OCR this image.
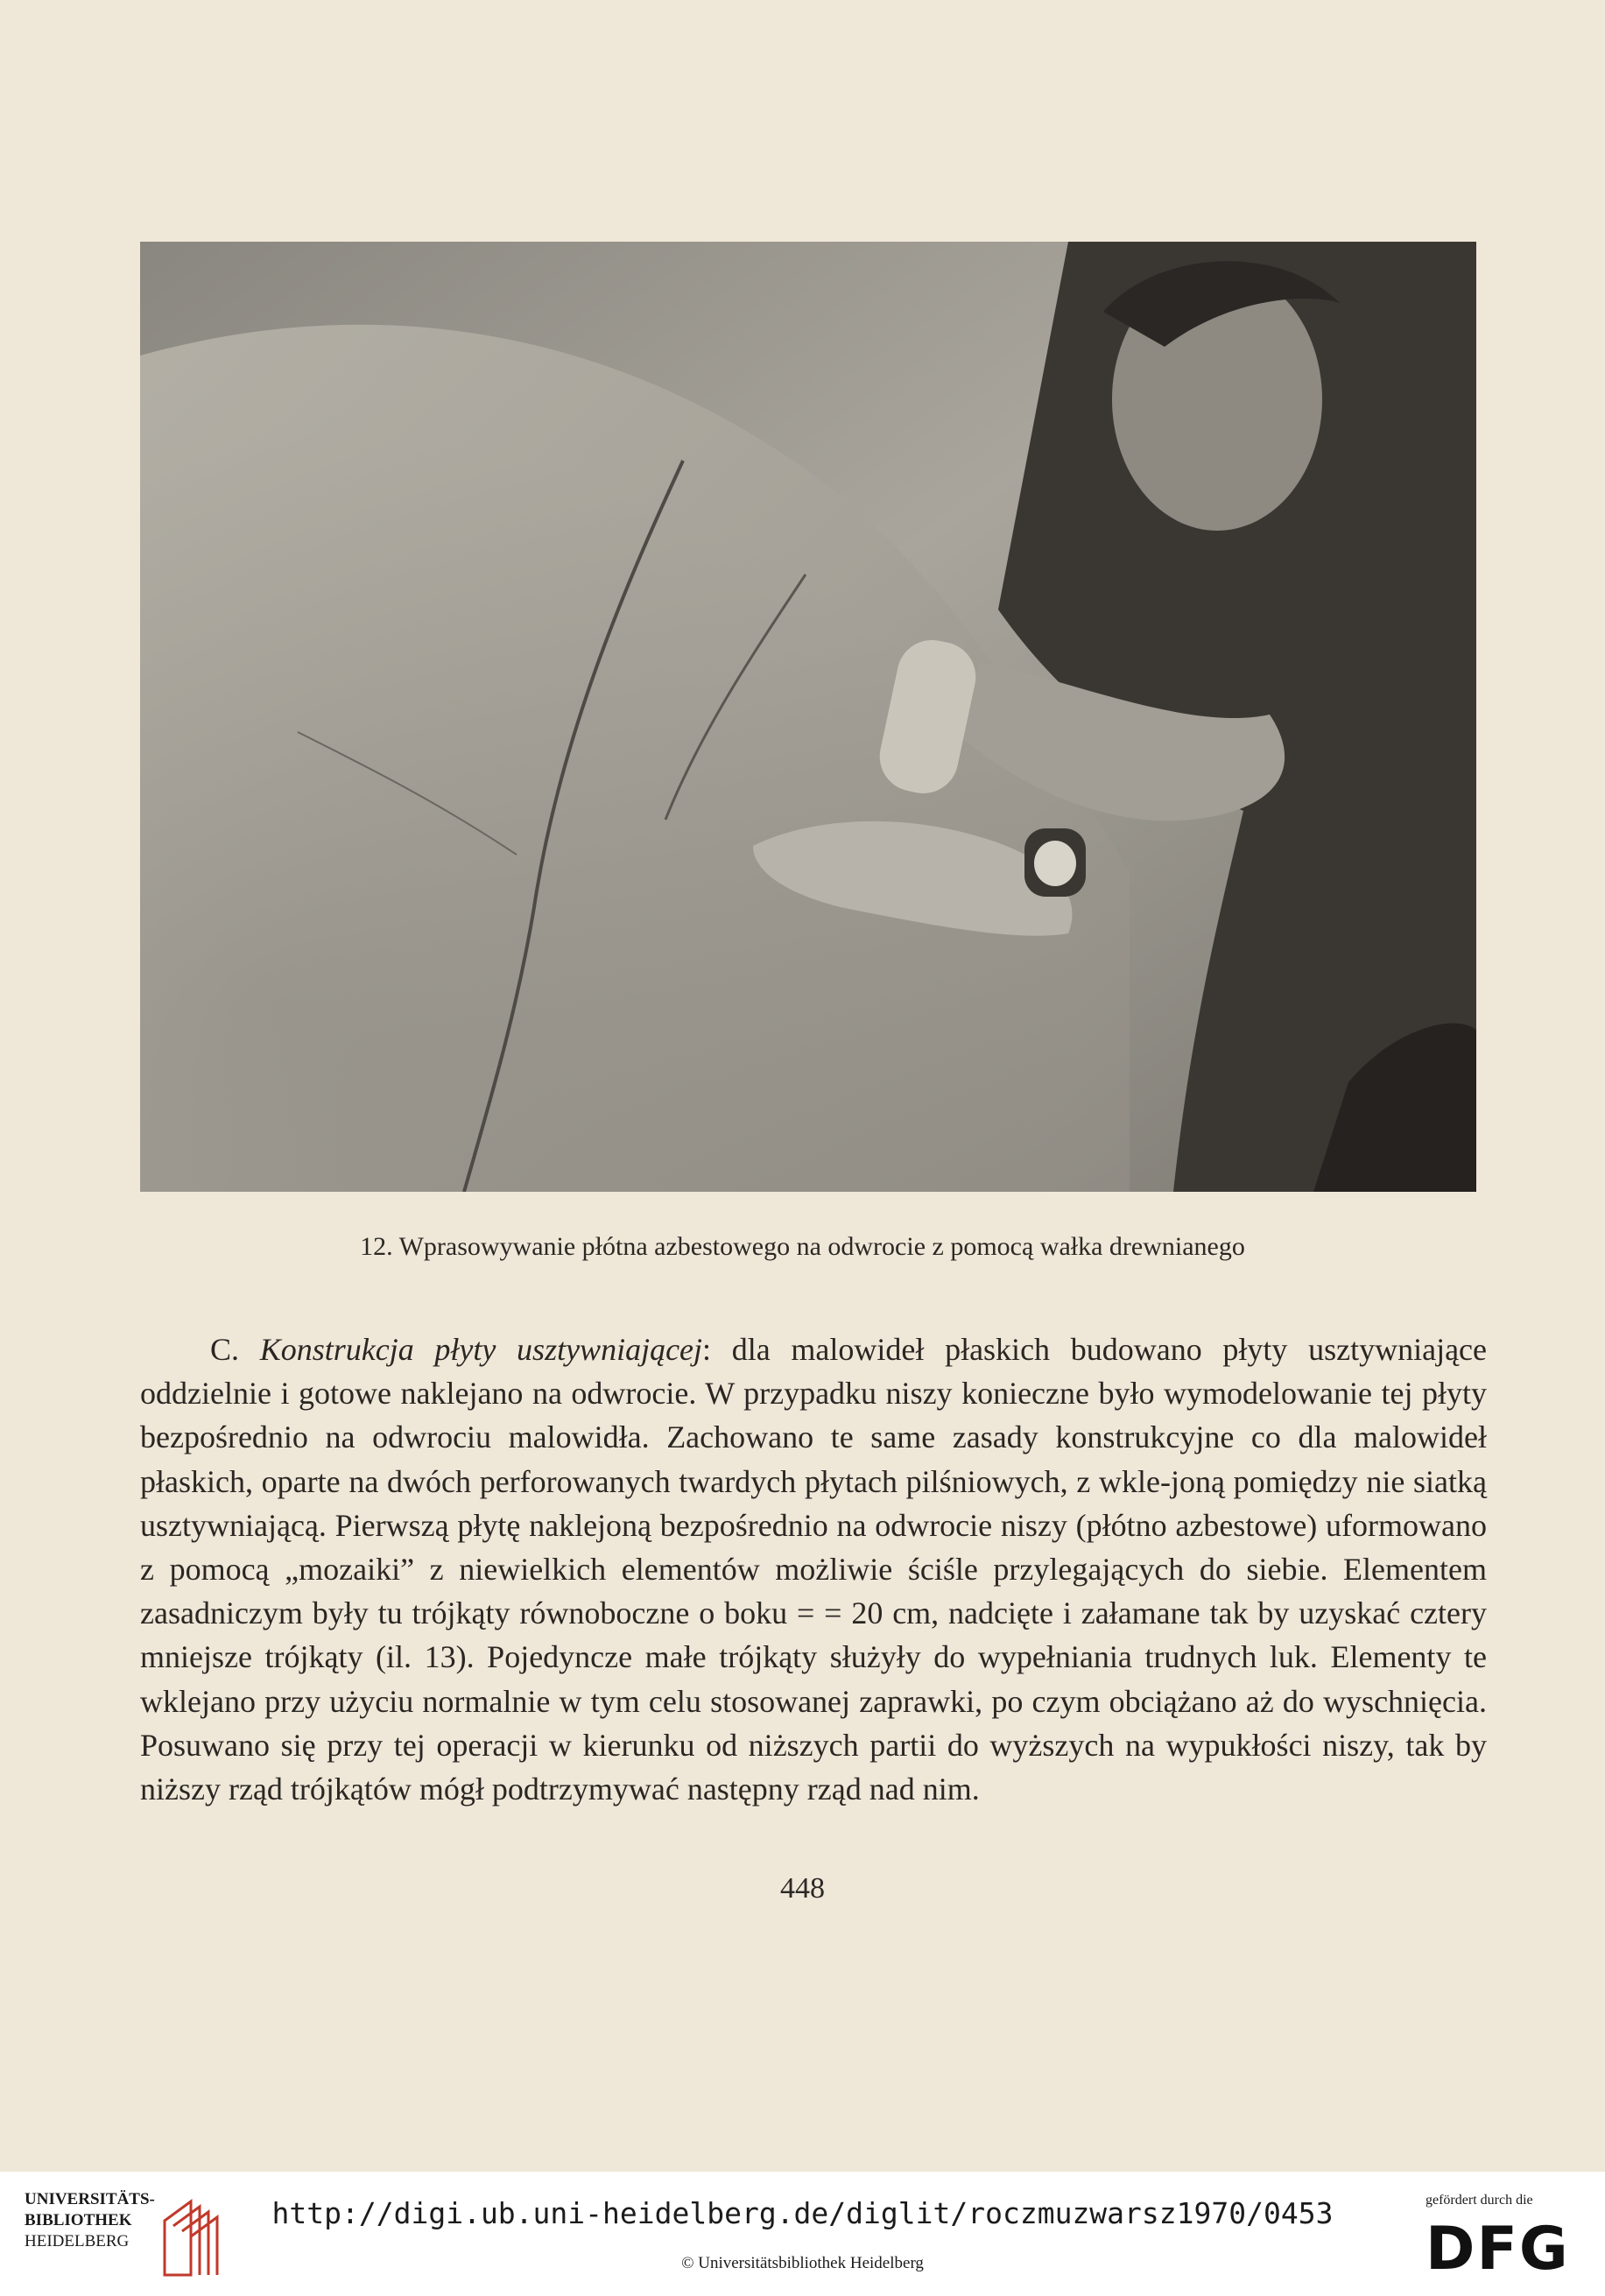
12. Wprasowywanie płótna azbestowego na odwrocie z pomocą wałka drewnianego

C. Konstrukcja płyty usztywniającej: dla malowideł płaskich budowano płyty usztywniające oddzielnie i gotowe naklejano na odwrocie. W przypadku niszy konieczne było wymodelowanie tej płyty bezpośrednio na odwrociu malowidła. Zachowano te same zasady konstrukcyjne co dla malowideł płaskich, oparte na dwóch perforowanych twardych płytach pilśniowych, z wkle-joną pomiędzy nie siatką usztywniającą. Pierwszą płytę naklejoną bezpośrednio na odwrocie niszy (płótno azbestowe) uformowano z pomocą „mozaiki” z niewielkich elementów możliwie ściśle przylegających do siebie. Elementem zasadniczym były tu trójkąty równoboczne o boku = = 20 cm, nadcięte i załamane tak by uzyskać cztery mniejsze trójkąty (il. 13). Pojedyncze małe trójkąty służyły do wypełniania trudnych luk. Elementy te wklejano przy użyciu normalnie w tym celu stosowanej zaprawki, po czym obciążano aż do wyschnięcia. Posuwano się przy tej operacji w kierunku od niższych partii do wyższych na wypukłości niszy, tak by niższy rząd trójkątów mógł podtrzymywać następny rząd nad nim.

448
UNIVERSITÄTS-
BIBLIOTHEK
HEIDELBERG
http://digi.ub.uni-heidelberg.de/diglit/roczmuzwarsz1970/0453
© Universitätsbibliothek Heidelberg
gefördert durch die
DFG
